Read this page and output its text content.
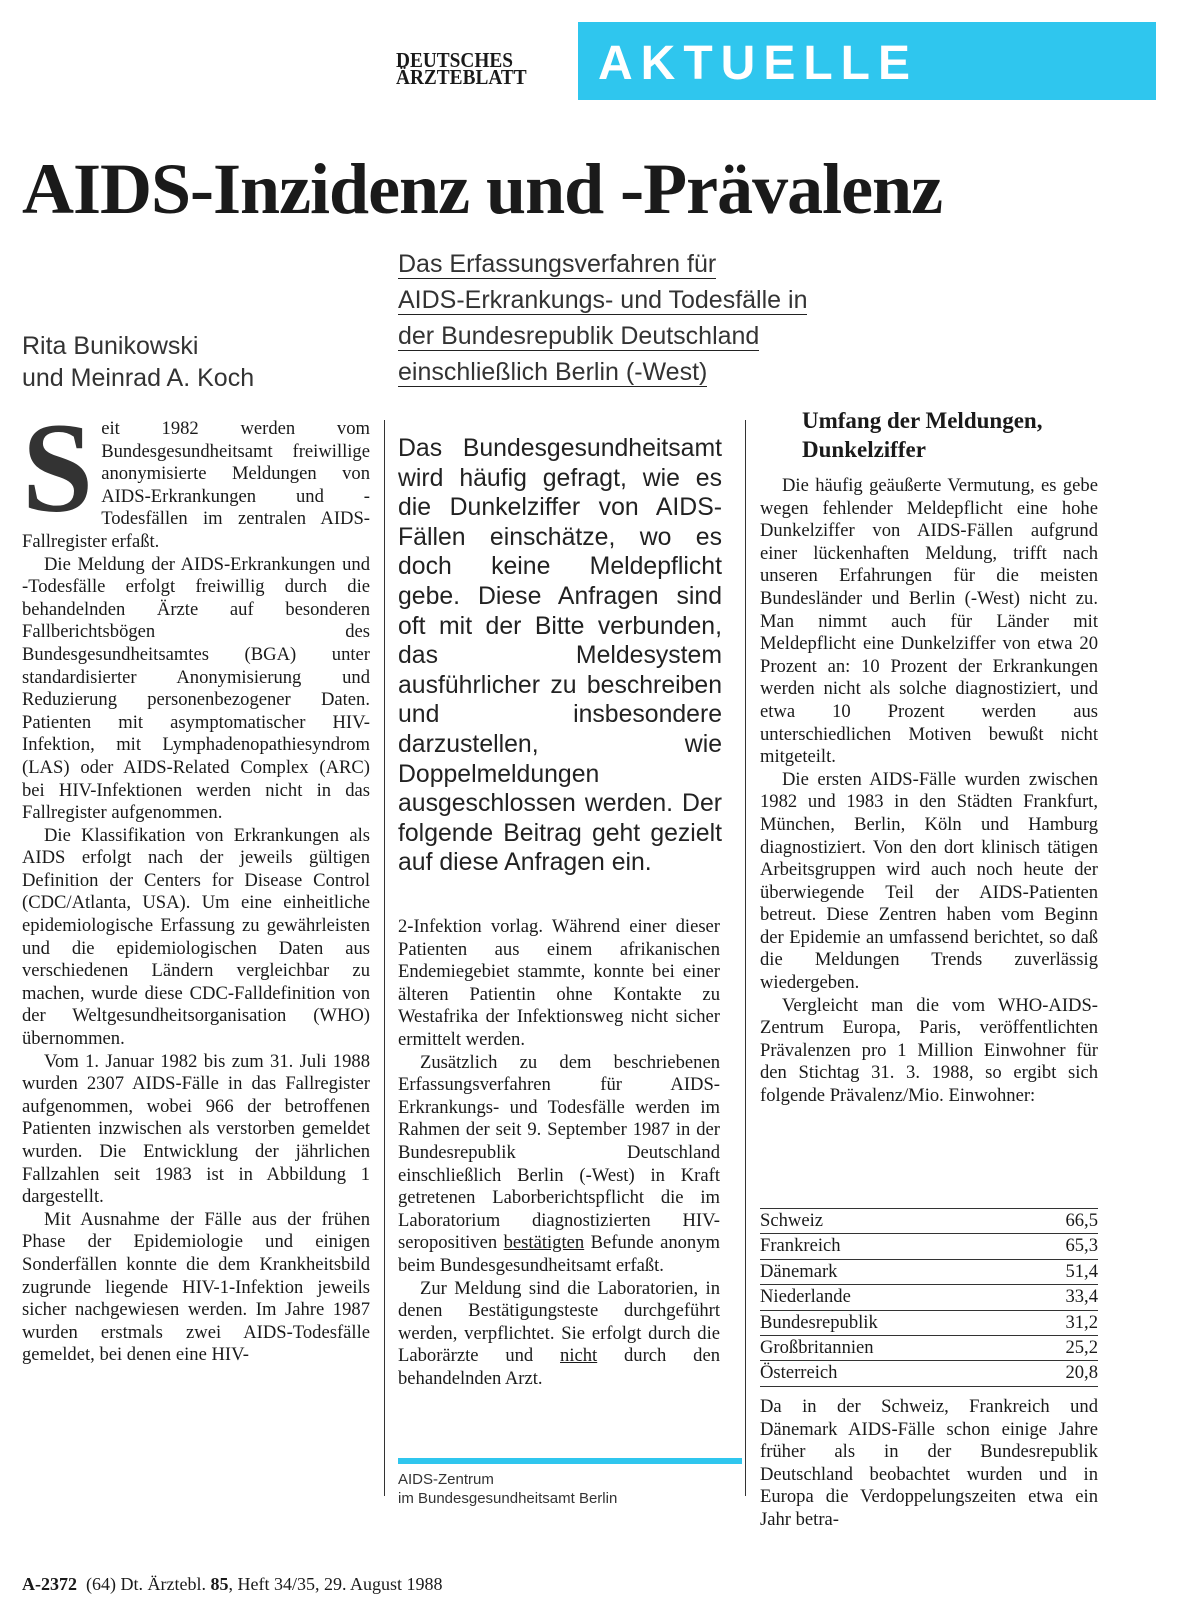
DEUTSCHES
ÄRZTEBLATT	AKTUELLE MEDIZIN
AIDS-Inzidenz und -Prävalenz
Rita Bunikowski
und Meinrad A. Koch
Das Erfassungsverfahren für
AIDS-Erkrankungs- und Todesfälle in
der Bundesrepublik Deutschland
einschließlich Berlin (-West)

Seit 1982 werden vom Bundesgesundheitsamt freiwillige anonymisierte Meldungen von AIDS-Erkrankungen und -Todesfällen im zentralen AIDS-Fallregister erfaßt.

Die Meldung der AIDS-Erkrankungen und -Todesfälle erfolgt freiwillig durch die behandelnden Ärzte auf besonderen Fallberichtsbögen des Bundesgesundheitsamtes (BGA) unter standardisierter Anonymisierung und Reduzierung personenbezogener Daten. Patienten mit asymptomatischer HIV-Infektion, mit Lymphadenopathiesyndrom (LAS) oder AIDS-Related Complex (ARC) bei HIV-Infektionen werden nicht in das Fallregister aufgenommen.

Die Klassifikation von Erkrankungen als AIDS erfolgt nach der jeweils gültigen Definition der Centers for Disease Control (CDC/Atlanta, USA). Um eine einheitliche epidemiologische Erfassung zu gewährleisten und die epidemiologischen Daten aus verschiedenen Ländern vergleichbar zu machen, wurde diese CDC-Falldefinition von der Weltgesundheitsorganisation (WHO) übernommen.

Vom 1. Januar 1982 bis zum 31. Juli 1988 wurden 2307 AIDS-Fälle in das Fallregister aufgenommen, wobei 966 der betroffenen Patienten inzwischen als verstorben gemeldet wurden. Die Entwicklung der jährlichen Fallzahlen seit 1983 ist in Abbildung 1 dargestellt.

Mit Ausnahme der Fälle aus der frühen Phase der Epidemiologie und einigen Sonderfällen konnte die dem Krankheitsbild zugrunde liegende HIV-1-Infektion jeweils sicher nachgewiesen werden. Im Jahre 1987 wurden erstmals zwei AIDS-Todesfälle gemeldet, bei denen eine HIV-

Das Bundesgesundheitsamt wird häufig gefragt, wie es die Dunkelziffer von AIDS-Fällen einschätze, wo es doch keine Meldepflicht gebe. Diese Anfragen sind oft mit der Bitte verbunden, das Meldesystem ausführlicher zu beschreiben und insbesondere darzustellen, wie Doppelmeldungen ausgeschlossen werden. Der folgende Beitrag geht gezielt auf diese Anfragen ein.

2-Infektion vorlag. Während einer dieser Patienten aus einem afrikanischen Endemiegebiet stammte, konnte bei einer älteren Patientin ohne Kontakte zu Westafrika der Infektionsweg nicht sicher ermittelt werden.

Zusätzlich zu dem beschriebenen Erfassungsverfahren für AIDS-Erkrankungs- und Todesfälle werden im Rahmen der seit 9. September 1987 in der Bundesrepublik Deutschland einschließlich Berlin (-West) in Kraft getretenen Laborberichtspflicht die im Laboratorium diagnostizierten HIV-seropositiven bestätigten Befunde anonym beim Bundesgesundheitsamt erfaßt.

Zur Meldung sind die Laboratorien, in denen Bestätigungsteste durchgeführt werden, verpflichtet. Sie erfolgt durch die Laborärzte und nicht durch den behandelnden Arzt.

AIDS-Zentrum
im Bundesgesundheitsamt Berlin
Umfang der Meldungen, Dunkelziffer

Die häufig geäußerte Vermutung, es gebe wegen fehlender Meldepflicht eine hohe Dunkelziffer von AIDS-Fällen aufgrund einer lückenhaften Meldung, trifft nach unseren Erfahrungen für die meisten Bundesländer und Berlin (-West) nicht zu. Man nimmt auch für Länder mit Meldepflicht eine Dunkelziffer von etwa 20 Prozent an: 10 Prozent der Erkrankungen werden nicht als solche diagnostiziert, und etwa 10 Prozent werden aus unterschiedlichen Motiven bewußt nicht mitgeteilt.

Die ersten AIDS-Fälle wurden zwischen 1982 und 1983 in den Städten Frankfurt, München, Berlin, Köln und Hamburg diagnostiziert. Von den dort klinisch tätigen Arbeitsgruppen wird auch noch heute der überwiegende Teil der AIDS-Patienten betreut. Diese Zentren haben vom Beginn der Epidemie an umfassend berichtet, so daß die Meldungen Trends zuverlässig wiedergeben.

Vergleicht man die vom WHO-AIDS-Zentrum Europa, Paris, veröffentlichten Prävalenzen pro 1 Million Einwohner für den Stichtag 31. 3. 1988, so ergibt sich folgende Prävalenz/Mio. Einwohner:

Schweiz	66,5
Frankreich	65,3
Dänemark	51,4
Niederlande	33,4
Bundesrepublik	31,2
Großbritannien	25,2
Österreich	20,8

Da in der Schweiz, Frankreich und Dänemark AIDS-Fälle schon einige Jahre früher als in der Bundesrepublik Deutschland beobachtet wurden und in Europa die Verdoppelungszeiten etwa ein Jahr betra-

A-2372  (64) Dt. Ärztebl. 85, Heft 34/35, 29. August 1988
